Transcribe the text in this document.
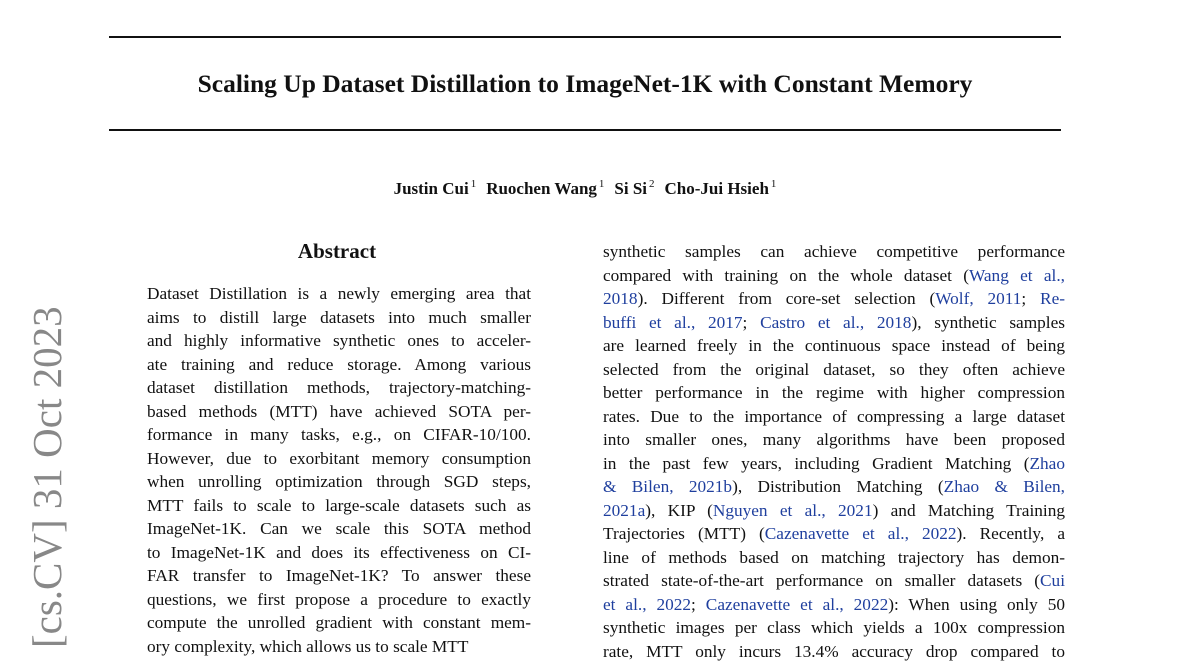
Scaling Up Dataset Distillation to ImageNet-1K with Constant Memory
Justin Cui $^1$ Ruochen Wang $^1$ Si Si $^2$ Cho-Jui Hsieh $^1$
Abstract
Dataset Distillation is a newly emerging area that
aims to distill large datasets into much smaller
and highly informative synthetic ones to acceler-
ate training and reduce storage. Among various
dataset distillation methods, trajectory-matching-
based methods (MTT) have achieved SOTA per-
formance in many tasks, e.g., on CIFAR-10/100.
However, due to exorbitant memory consumption
when unrolling optimization through SGD steps,
MTT fails to scale to large-scale datasets such as
ImageNet-1K. Can we scale this SOTA method
to ImageNet-1K and does its effectiveness on CI-
FAR transfer to ImageNet-1K? To answer these
questions, we first propose a procedure to exactly
compute the unrolled gradient with constant mem-
ory complexity, which allows us to scale MTT
synthetic samples can achieve competitive performance
compared with training on the whole dataset (Wang et al.,
2018). Different from core-set selection (Wolf, 2011; Re-
buffi et al., 2017; Castro et al., 2018), synthetic samples
are learned freely in the continuous space instead of being
selected from the original dataset, so they often achieve
better performance in the regime with higher compression
rates. Due to the importance of compressing a large dataset
into smaller ones, many algorithms have been proposed
in the past few years, including Gradient Matching (Zhao
& Bilen, 2021b), Distribution Matching (Zhao & Bilen,
2021a), KIP (Nguyen et al., 2021) and Matching Training
Trajectories (MTT) (Cazenavette et al., 2022). Recently, a
line of methods based on matching trajectory has demon-
strated state-of-the-art performance on smaller datasets (Cui
et al., 2022; Cazenavette et al., 2022): When using only 50
synthetic images per class which yields a 100x compression
rate, MTT only incurs 13.4% accuracy drop compared to
[cs.CV] 31 Oct 2023
